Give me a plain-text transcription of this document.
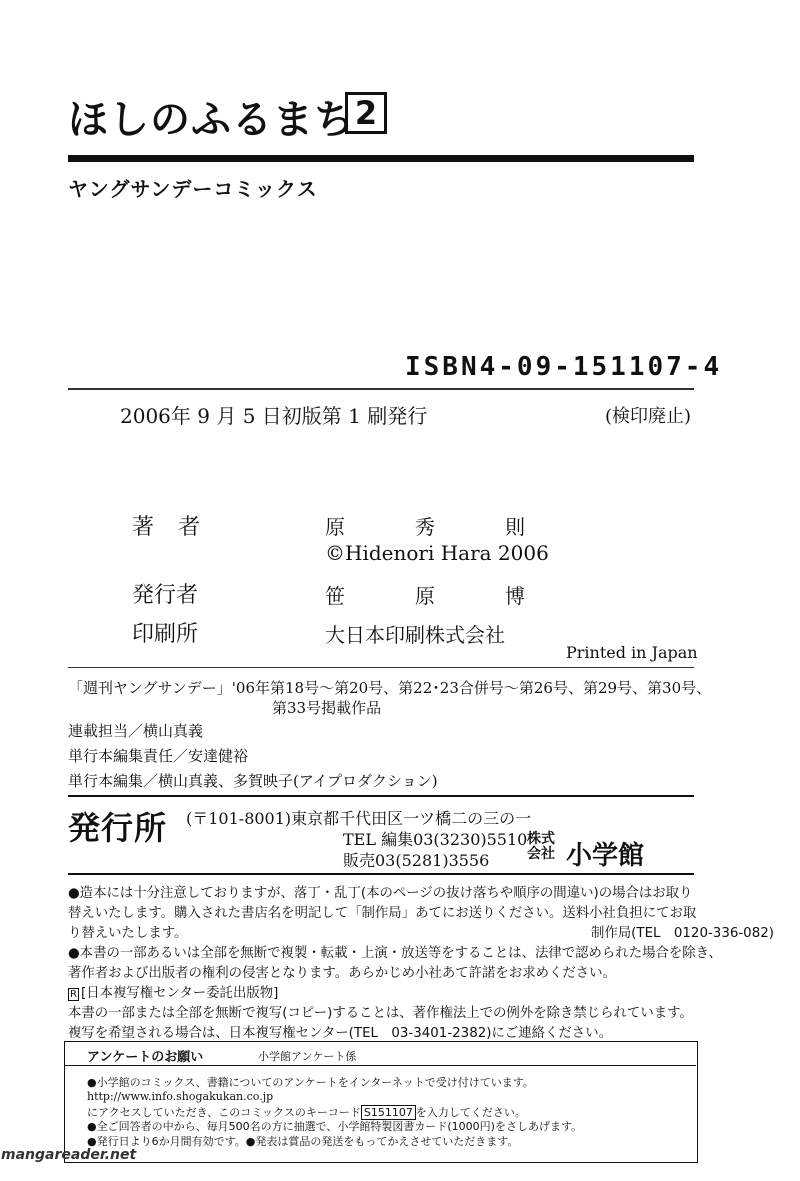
ほしのふるまち 2
ヤングサンデーコミックス
ISBN4-09-151107-4
2006年 9 月 5 日初版第 1 刷発行	(検印廃止)
著者	原秀則
©Hidenori Hara 2006
発行者	笹原博
印刷所	大日本印刷株式会社
Printed in Japan
「週刊ヤングサンデー」'06年第18号〜第20号、第22･23合併号〜第26号、第29号、第30号、
第33号掲載作品
連載担当／横山真義
単行本編集責任／安達健裕
単行本編集／横山真義、多賀映子(アイプロダクション)
発行所 (〒101-8001)東京都千代田区一ツ橋二の三の一
TEL 編集03(3230)5510
販売03(5281)3556
株式会社 小学館
●造本には十分注意しておりますが、落丁・乱丁(本のページの抜け落ちや順序の間違い)の場合はお取り
替えいたします。購入された書店名を明記して「制作局」あてにお送りください。送料小社負担にてお取
制作局(TEL　0120-336-082)
り替えいたします。
●本書の一部あるいは全部を無断で複製・転載・上演・放送等をすることは、法律で認められた場合を除き、
著作者および出版者の権利の侵害となります。あらかじめ小社あて許諾をお求めください。
R [日本複写権センター委託出版物]
本書の一部または全部を無断で複写(コピー)することは、著作権法上での例外を除き禁じられています。
複写を希望される場合は、日本複写権センター(TEL　03-3401-2382)にご連絡ください。
アンケートのお願い	小学館アンケート係
●小学館のコミックス、書籍についてのアンケートをインターネットで受け付けています。
http://www.info.shogakukan.co.jp
にアクセスしていただき、このコミックスのキーコード S151107 を入力してください。
●全ご回答者の中から、毎月500名の方に抽選で、小学館特製図書カード(1000円)をさしあげます。
●発行日より6か月間有効です。●発表は賞品の発送をもってかえさせていただきます。
mangareader.net
